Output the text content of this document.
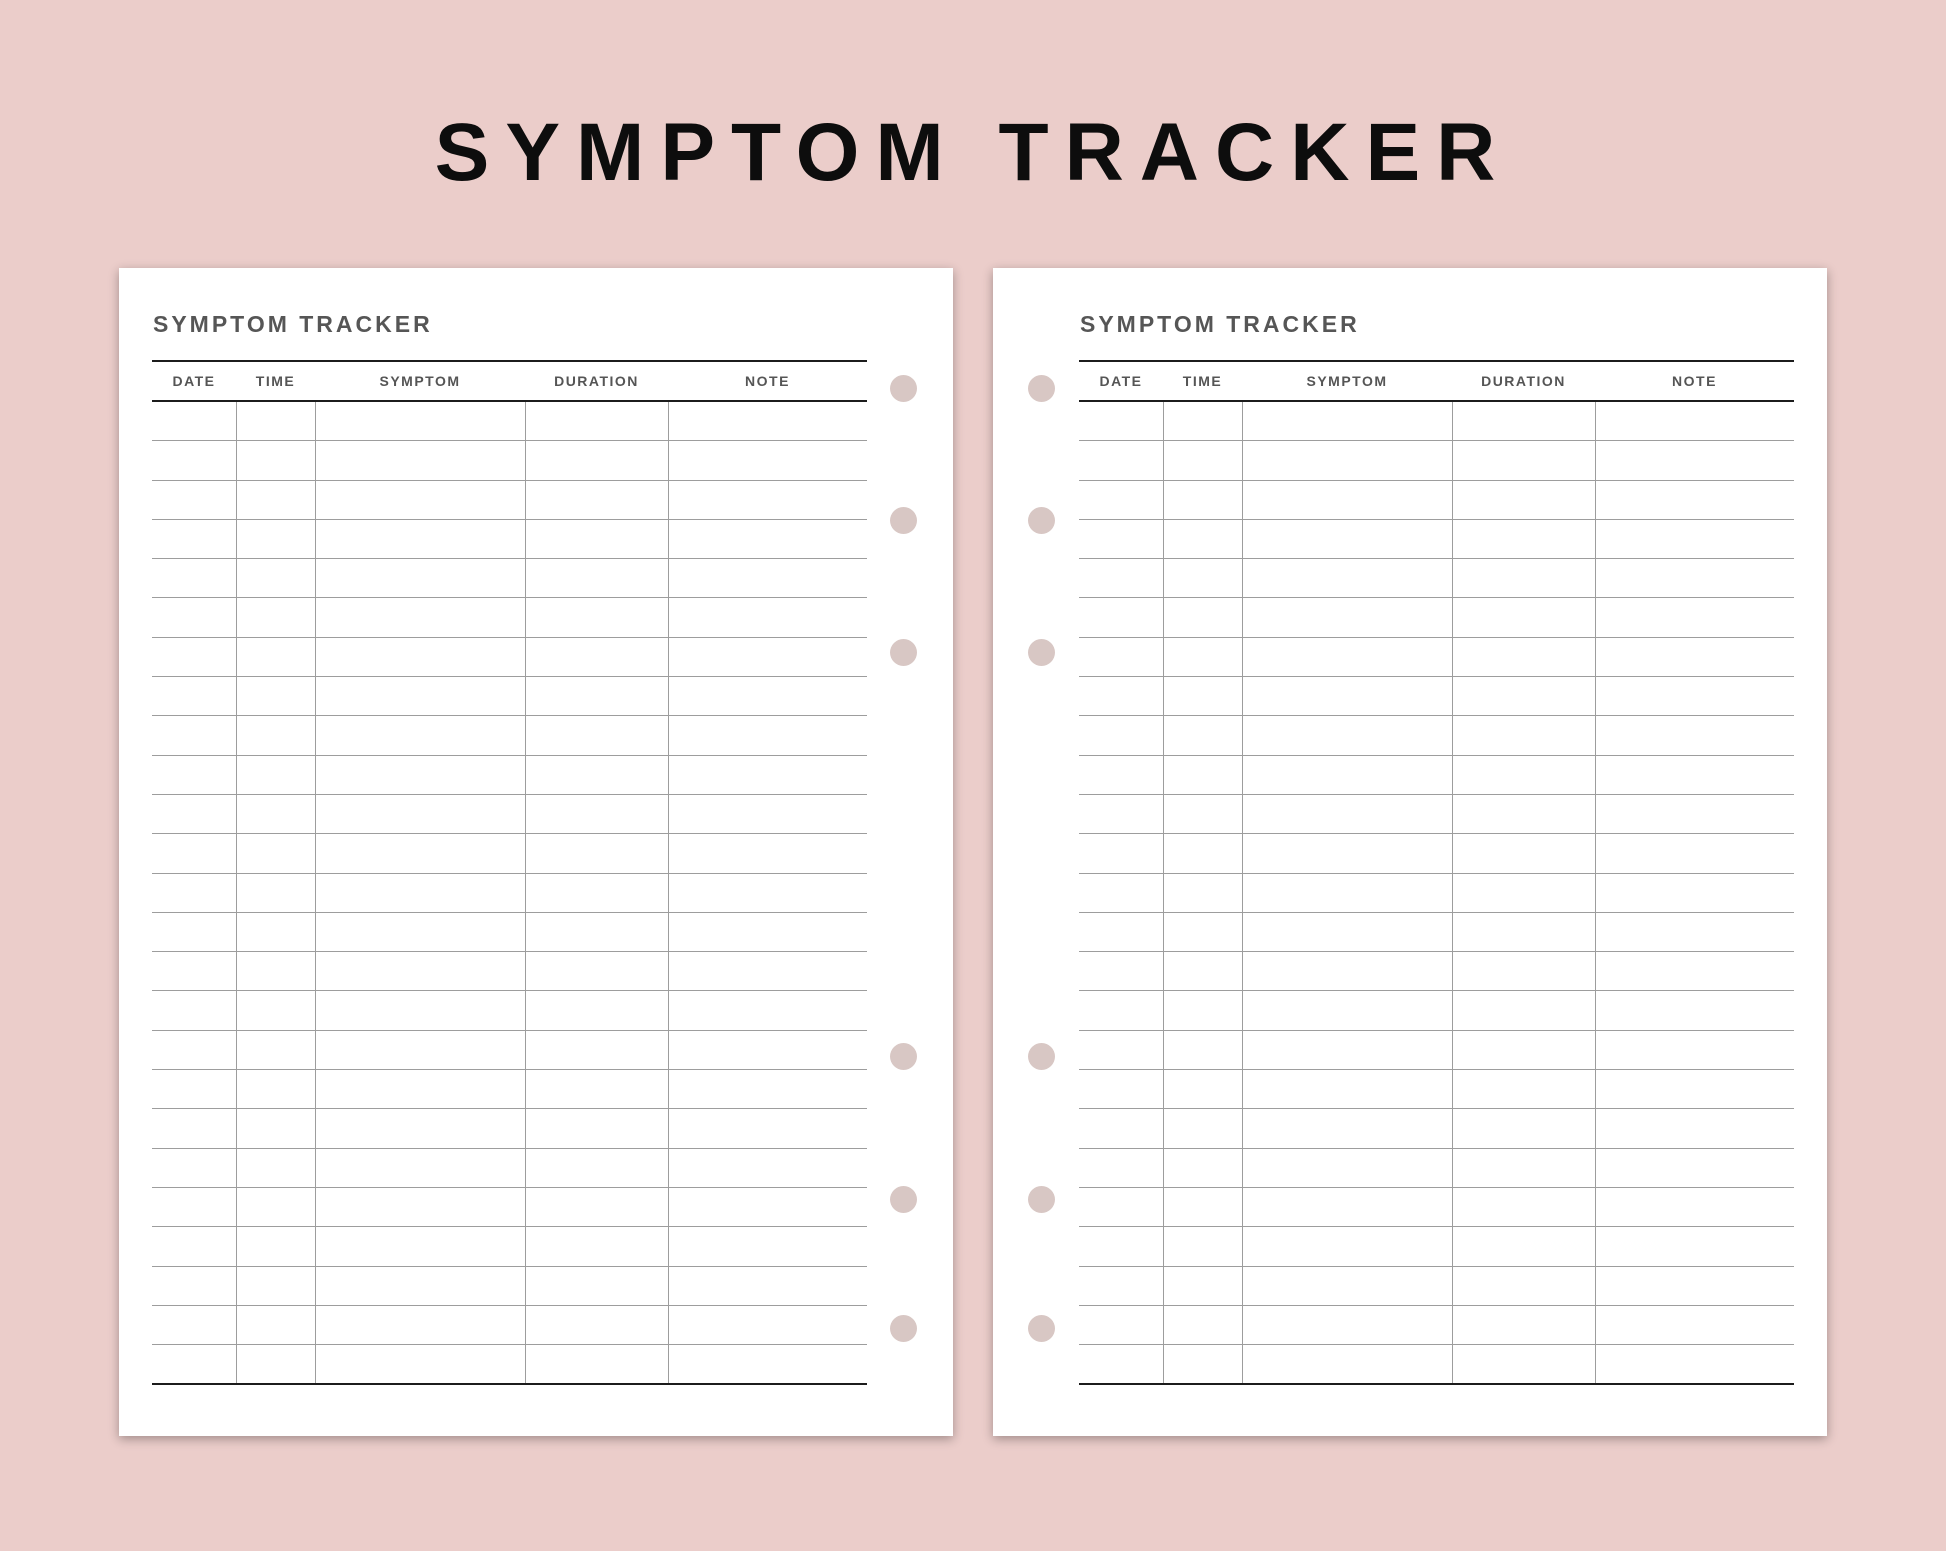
SYMPTOM TRACKER
SYMPTOM TRACKER
DATE	TIME	SYMPTOM	DURATION	NOTE

SYMPTOM TRACKER
DATE	TIME	SYMPTOM	DURATION	NOTE
